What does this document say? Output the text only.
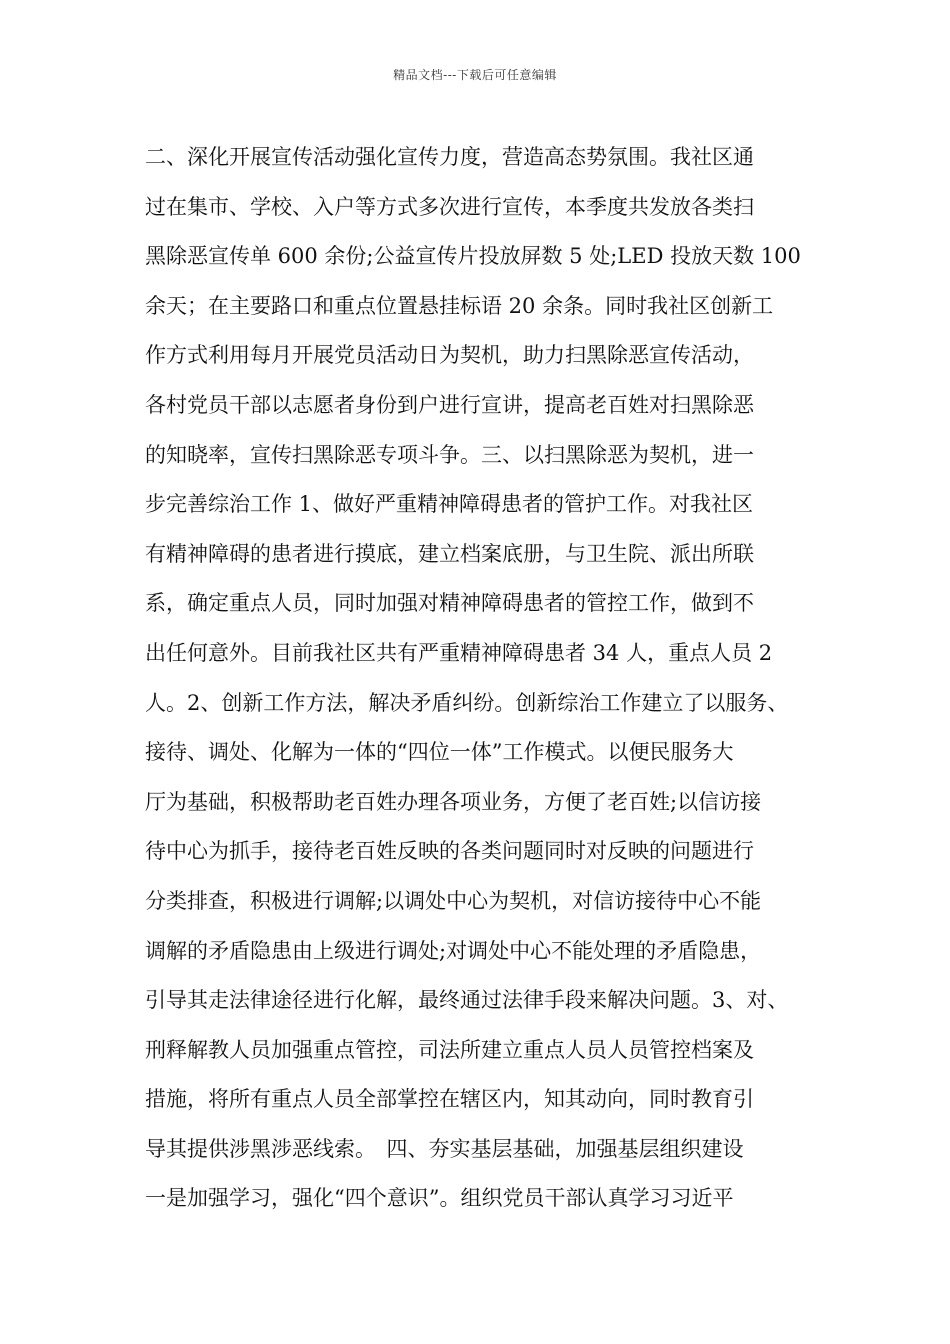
精品文档---下载后可任意编辑
二、深化开展宣传活动强化宣传力度，营造高态势氛围。我社区通
过在集市、学校、入户等方式多次进行宣传，本季度共发放各类扫
黑除恶宣传单 600 余份;公益宣传片投放屏数 5 处;LED 投放天数 100
余天；在主要路口和重点位置悬挂标语 20 余条。同时我社区创新工
作方式利用每月开展党员活动日为契机，助力扫黑除恶宣传活动，
各村党员干部以志愿者身份到户进行宣讲，提高老百姓对扫黑除恶
的知晓率，宣传扫黑除恶专项斗争。三、以扫黑除恶为契机，进一
步完善综治工作 1、做好严重精神障碍患者的管护工作。对我社区
有精神障碍的患者进行摸底，建立档案底册，与卫生院、派出所联
系，确定重点人员，同时加强对精神障碍患者的管控工作，做到不
出任何意外。目前我社区共有严重精神障碍患者 34 人，重点人员 2
人。2、创新工作方法，解决矛盾纠纷。创新综治工作建立了以服务、
接待、调处、化解为一体的“四位一体”工作模式。以便民服务大
厅为基础，积极帮助老百姓办理各项业务，方便了老百姓;以信访接
待中心为抓手，接待老百姓反映的各类问题同时对反映的问题进行
分类排查，积极进行调解;以调处中心为契机，对信访接待中心不能
调解的矛盾隐患由上级进行调处;对调处中心不能处理的矛盾隐患，
引导其走法律途径进行化解，最终通过法律手段来解决问题。3、对、
刑释解教人员加强重点管控，司法所建立重点人员人员管控档案及
措施，将所有重点人员全部掌控在辖区内，知其动向，同时教育引
导其提供涉黑涉恶线索。　四、夯实基层基础，加强基层组织建设
一是加强学习，强化“四个意识”。组织党员干部认真学习习近平
